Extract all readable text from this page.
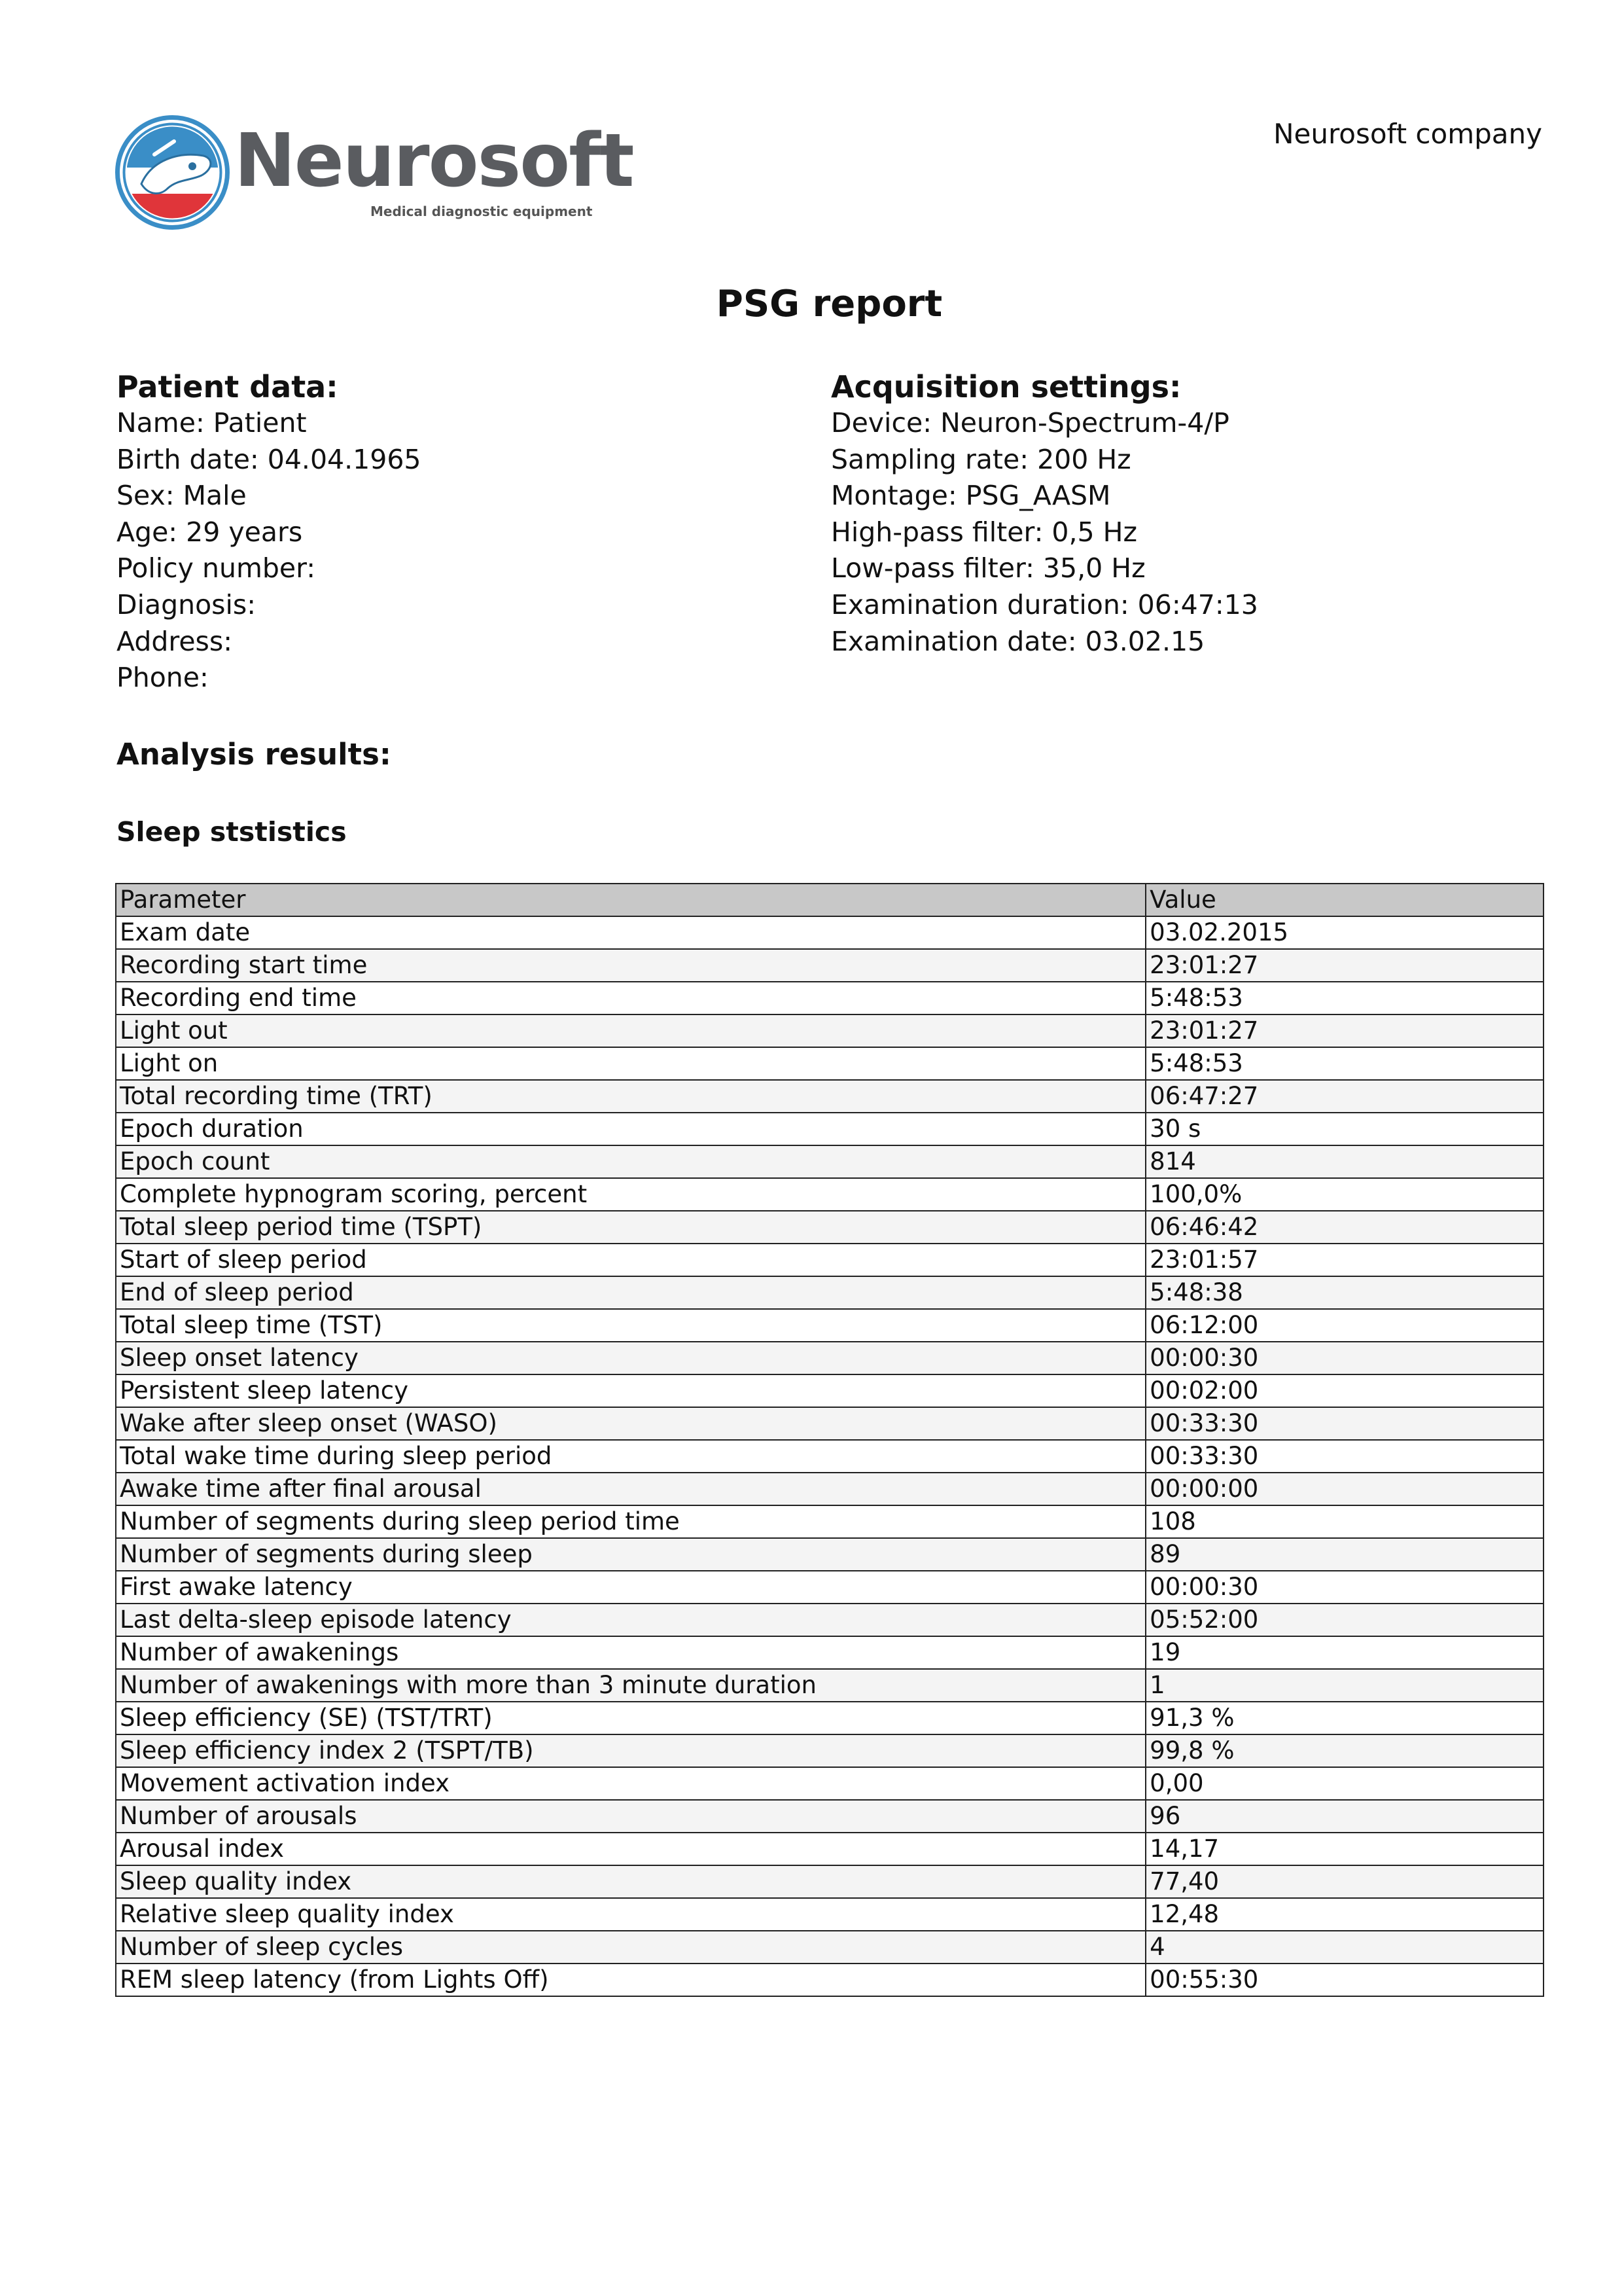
Neurosoft
Medical diagnostic equipment
Neurosoft company
PSG report
Patient data:
Name: Patient
Birth date: 04.04.1965
Sex: Male
Age: 29 years
Policy number:
Diagnosis:
Address:
Phone:
Acquisition settings:
Device: Neuron-Spectrum-4/P
Sampling rate: 200 Hz
Montage: PSG_AASM
High-pass filter: 0,5 Hz
Low-pass filter: 35,0 Hz
Examination duration: 06:47:13
Examination date: 03.02.15
Analysis results:
Sleep ststistics
Parameter	Value
Exam date	03.02.2015
Recording start time	23:01:27
Recording end time	5:48:53
Light out	23:01:27
Light on	5:48:53
Total recording time (TRT)	06:47:27
Epoch duration	30 s
Epoch count	814
Complete hypnogram scoring, percent	100,0%
Total sleep period time (TSPT)	06:46:42
Start of sleep period	23:01:57
End of sleep period	5:48:38
Total sleep time (TST)	06:12:00
Sleep onset latency	00:00:30
Persistent sleep latency	00:02:00
Wake after sleep onset (WASO)	00:33:30
Total wake time during sleep period	00:33:30
Awake time after final arousal	00:00:00
Number of segments during sleep period time	108
Number of segments during sleep	89
First awake latency	00:00:30
Last delta-sleep episode latency	05:52:00
Number of awakenings	19
Number of awakenings with more than 3 minute duration	1
Sleep efficiency (SE) (TST/TRT)	91,3 %
Sleep efficiency index 2 (TSPT/TB)	99,8 %
Movement activation index	0,00
Number of arousals	96
Arousal index	14,17
Sleep quality index	77,40
Relative sleep quality index	12,48
Number of sleep cycles	4
REM sleep latency (from Lights Off)	00:55:30
